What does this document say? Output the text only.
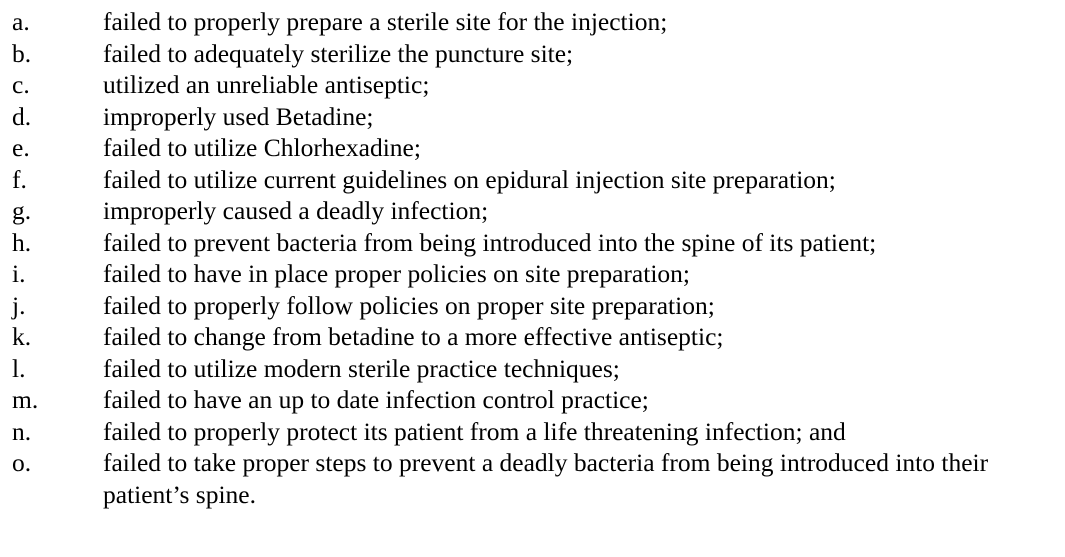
a.	failed to properly prepare a sterile site for the injection;
b.	failed to adequately sterilize the puncture site;
c.	utilized an unreliable antiseptic;
d.	improperly used Betadine;
e.	failed to utilize Chlorhexadine;
f.	failed to utilize current guidelines on epidural injection site preparation;
g.	improperly caused a deadly infection;
h.	failed to prevent bacteria from being introduced into the spine of its patient;
i.	failed to have in place proper policies on site preparation;
j.	failed to properly follow policies on proper site preparation;
k.	failed to change from betadine to a more effective antiseptic;
l.	failed to utilize modern sterile practice techniques;
m.	failed to have an up to date infection control practice;
n.	failed to properly protect its patient from a life threatening infection; and
o.	failed to take proper steps to prevent a deadly bacteria from being introduced into their patient’s spine.
